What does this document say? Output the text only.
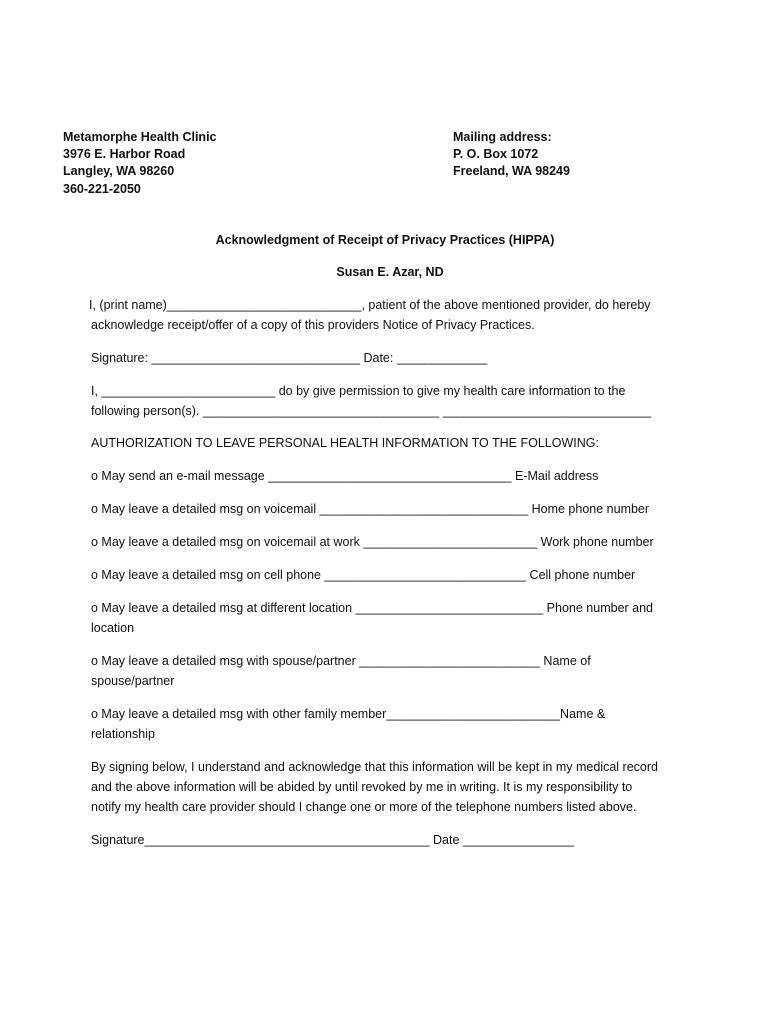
Metamorphe Health Clinic
3976 E. Harbor Road
Langley, WA 98260
360-221-2050
Mailing address:
P. O. Box 1072
Freeland, WA 98249
Acknowledgment of Receipt of Privacy Practices (HIPPA)
Susan E. Azar, ND
I, (print name)____________________________, patient of the above mentioned provider, do hereby
acknowledge receipt/offer of a copy of this providers Notice of Privacy Practices.
Signature: ______________________________ Date: _____________
I, _________________________ do by give permission to give my health care information to the
following person(s). __________________________________ ______________________________
AUTHORIZATION TO LEAVE PERSONAL HEALTH INFORMATION TO THE FOLLOWING:
o May send an e-mail message ___________________________________ E-Mail address
o May leave a detailed msg on voicemail ______________________________ Home phone number
o May leave a detailed msg on voicemail at work _________________________ Work phone number
o May leave a detailed msg on cell phone _____________________________ Cell phone number
o May leave a detailed msg at different location ___________________________ Phone number and
location
o May leave a detailed msg with spouse/partner __________________________ Name of
spouse/partner
o May leave a detailed msg with other family member_________________________Name &
relationship
By signing below, I understand and acknowledge that this information will be kept in my medical record
and the above information will be abided by until revoked by me in writing. It is my responsibility to
notify my health care provider should I change one or more of the telephone numbers listed above.
Signature_________________________________________ Date ________________
